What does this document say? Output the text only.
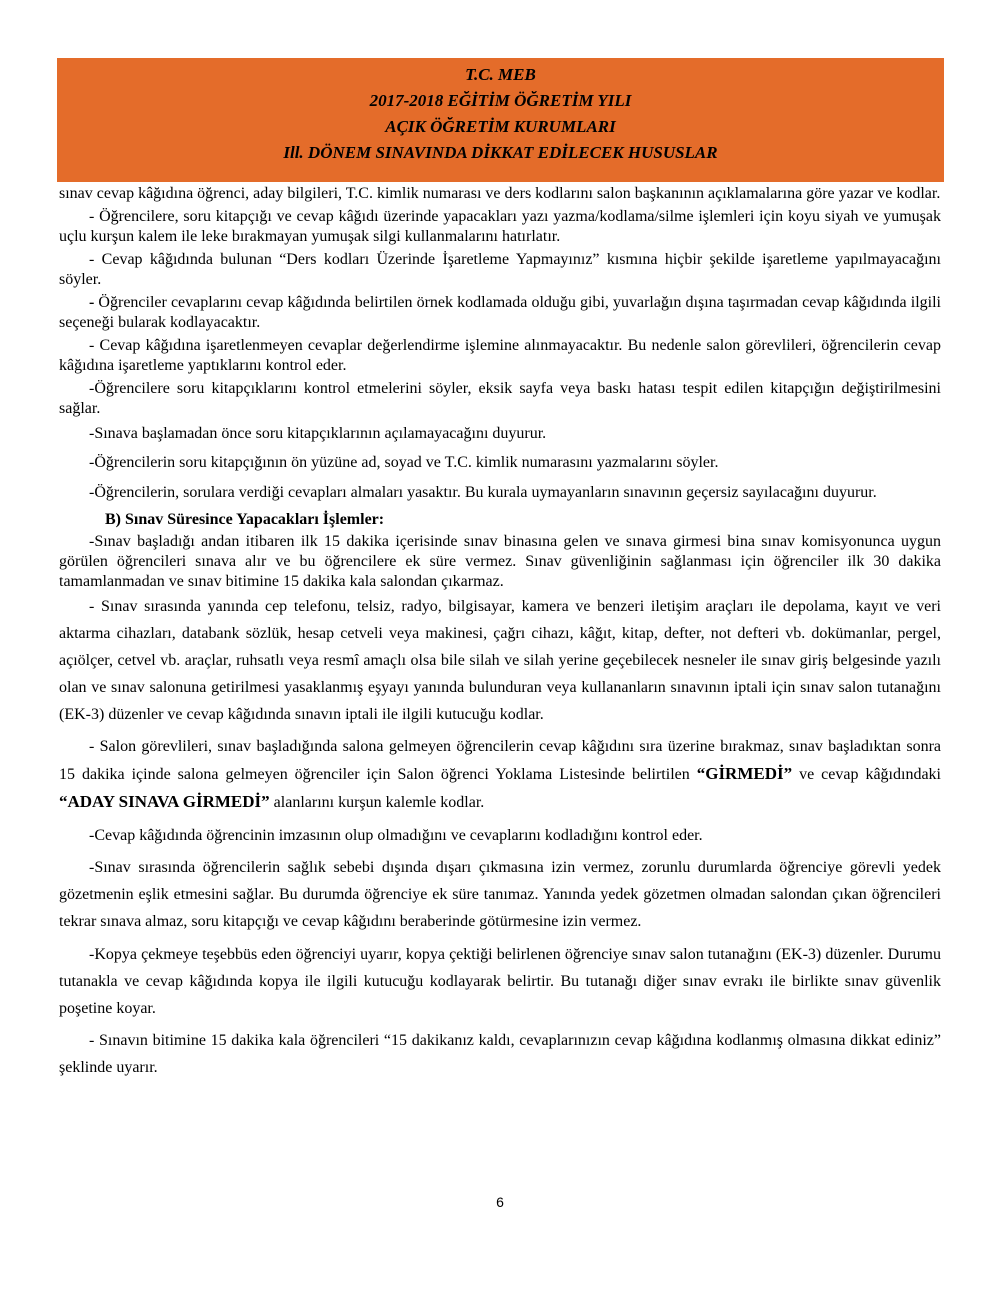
T.C. MEB
2017-2018 EĞİTİM ÖĞRETİM YILI
AÇIK ÖĞRETİM KURUMLARI
Ill. DÖNEM SINAVINDA DİKKAT EDİLECEK HUSUSLAR

sınav cevap kâğıdına öğrenci, aday bilgileri, T.C. kimlik numarası ve ders kodlarını salon başkanının açıklamalarına göre yazar ve kodlar.

- Öğrencilere, soru kitapçığı ve cevap kâğıdı üzerinde yapacakları yazı yazma/kodlama/silme işlemleri için koyu siyah ve yumuşak uçlu kurşun kalem ile leke bırakmayan yumuşak silgi kullanmalarını hatırlatır.

- Cevap kâğıdında bulunan “Ders kodları Üzerinde İşaretleme Yapmayınız” kısmına hiçbir şekilde işaretleme yapılmayacağını söyler.

- Öğrenciler cevaplarını cevap kâğıdında belirtilen örnek kodlamada olduğu gibi, yuvarlağın dışına taşırmadan cevap kâğıdında ilgili seçeneği bularak kodlayacaktır.

- Cevap kâğıdına işaretlenmeyen cevaplar değerlendirme işlemine alınmayacaktır. Bu nedenle salon görevlileri, öğrencilerin cevap kâğıdına işaretleme yaptıklarını kontrol eder.

-Öğrencilere soru kitapçıklarını kontrol etmelerini söyler, eksik sayfa veya baskı hatası tespit edilen kitapçığın değiştirilmesini sağlar.

-Sınava başlamadan önce soru kitapçıklarının açılamayacağını duyurur.

-Öğrencilerin soru kitapçığının ön yüzüne ad, soyad ve T.C. kimlik numarasını yazmalarını söyler.

-Öğrencilerin, sorulara verdiği cevapları almaları yasaktır. Bu kurala uymayanların sınavının geçersiz sayılacağını duyurur.

B) Sınav Süresince Yapacakları İşlemler:

-Sınav başladığı andan itibaren ilk 15 dakika içerisinde sınav binasına gelen ve sınava girmesi bina sınav komisyonunca uygun görülen öğrencileri sınava alır ve bu öğrencilere ek süre vermez. Sınav güvenliğinin sağlanması için öğrenciler ilk 30 dakika tamamlanmadan ve sınav bitimine 15 dakika kala salondan çıkarmaz.

- Sınav sırasında yanında cep telefonu, telsiz, radyo, bilgisayar, kamera ve benzeri iletişim araçları ile depolama, kayıt ve veri aktarma cihazları, databank sözlük, hesap cetveli veya makinesi, çağrı cihazı, kâğıt, kitap, defter, not defteri vb. dokümanlar, pergel, açıölçer, cetvel vb. araçlar, ruhsatlı veya resmî amaçlı olsa bile silah ve silah yerine geçebilecek nesneler ile sınav giriş belgesinde yazılı olan ve sınav salonuna getirilmesi yasaklanmış eşyayı yanında bulunduran veya kullananların sınavının iptali için sınav salon tutanağını (EK-3) düzenler ve cevap kâğıdında sınavın iptali ile ilgili kutucuğu kodlar.

- Salon görevlileri, sınav başladığında salona gelmeyen öğrencilerin cevap kâğıdını sıra üzerine bırakmaz, sınav başladıktan sonra 15 dakika içinde salona gelmeyen öğrenciler için Salon öğrenci Yoklama Listesinde belirtilen “GİRMEDİ” ve cevap kâğıdındaki “ADAY SINAVA GİRMEDİ” alanlarını kurşun kalemle kodlar.

-Cevap kâğıdında öğrencinin imzasının olup olmadığını ve cevaplarını kodladığını kontrol eder.

-Sınav sırasında öğrencilerin sağlık sebebi dışında dışarı çıkmasına izin vermez, zorunlu durumlarda öğrenciye görevli yedek gözetmenin eşlik etmesini sağlar. Bu durumda öğrenciye ek süre tanımaz. Yanında yedek gözetmen olmadan salondan çıkan öğrencileri tekrar sınava almaz, soru kitapçığı ve cevap kâğıdını beraberinde götürmesine izin vermez.

-Kopya çekmeye teşebbüs eden öğrenciyi uyarır, kopya çektiği belirlenen öğrenciye sınav salon tutanağını (EK-3) düzenler. Durumu tutanakla ve cevap kâğıdında kopya ile ilgili kutucuğu kodlayarak belirtir. Bu tutanağı diğer sınav evrakı ile birlikte sınav güvenlik poşetine koyar.

- Sınavın bitimine 15 dakika kala öğrencileri “15 dakikanız kaldı, cevaplarınızın cevap kâğıdına kodlanmış olmasına dikkat ediniz” şeklinde uyarır.

6
